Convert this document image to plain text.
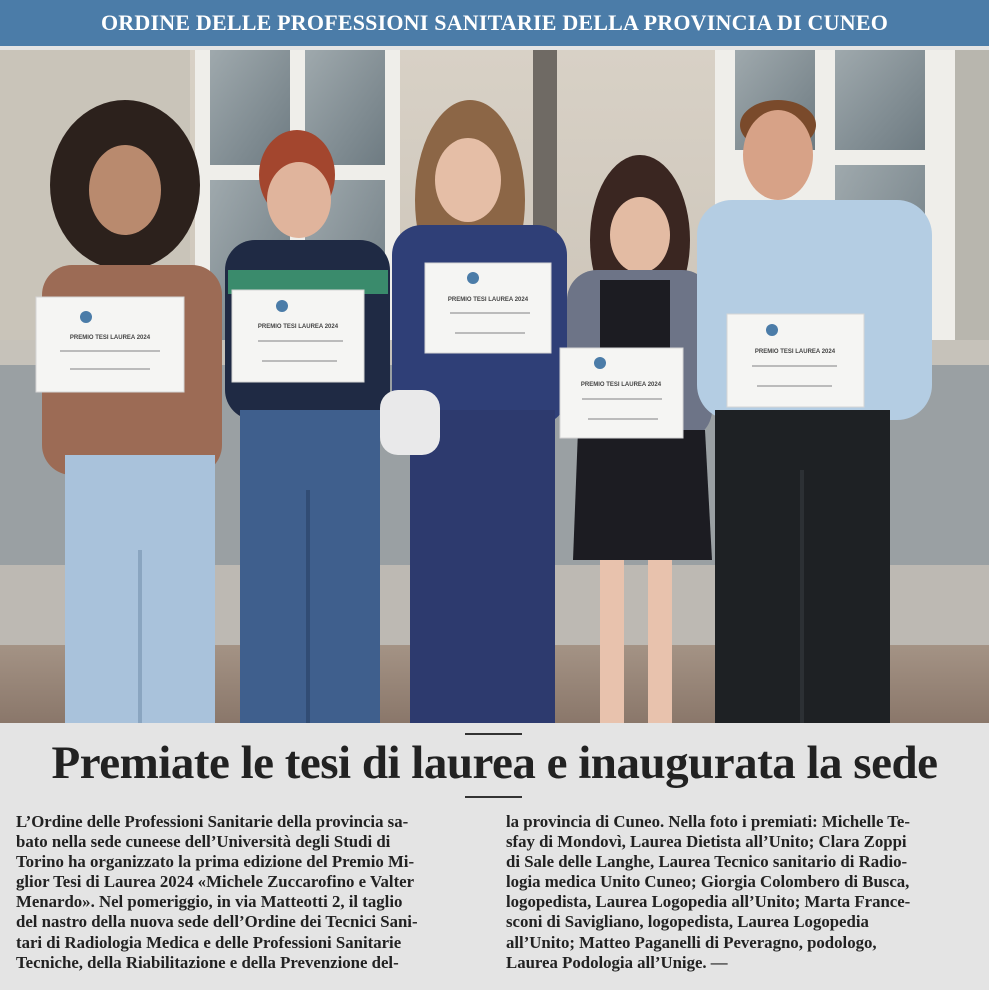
ORDINE DELLE PROFESSIONI SANITARIE DELLA PROVINCIA DI CUNEO
PREMIO TESI LAUREA 2024
PREMIO TESI LAUREA 2024
PREMIO TESI LAUREA 2024
PREMIO TESI LAUREA 2024
PREMIO TESI LAUREA 2024
Premiate le tesi di laurea e inaugurata la sede
L’Ordine delle Professioni Sanitarie della provincia sa-
bato nella sede cuneese dell’Università degli Studi di
Torino ha organizzato la prima edizione del Premio Mi-
glior Tesi di Laurea 2024 «Michele Zuccarofino e Valter
Menardo». Nel pomeriggio, in via Matteotti 2, il taglio
del nastro della nuova sede dell’Ordine dei Tecnici Sani-
tari di Radiologia Medica e delle Professioni Sanitarie
Tecniche, della Riabilitazione e della Prevenzione del-
la provincia di Cuneo. Nella foto i premiati: Michelle Te-
sfay di Mondovì, Laurea Dietista all’Unito; Clara Zoppi
di Sale delle Langhe, Laurea Tecnico sanitario di Radio-
logia medica Unito Cuneo; Giorgia Colombero di Busca,
logopedista, Laurea Logopedia all’Unito; Marta France-
sconi di Savigliano, logopedista, Laurea Logopedia
all’Unito; Matteo Paganelli di Peveragno, podologo,
Laurea Podologia all’Unige. —
